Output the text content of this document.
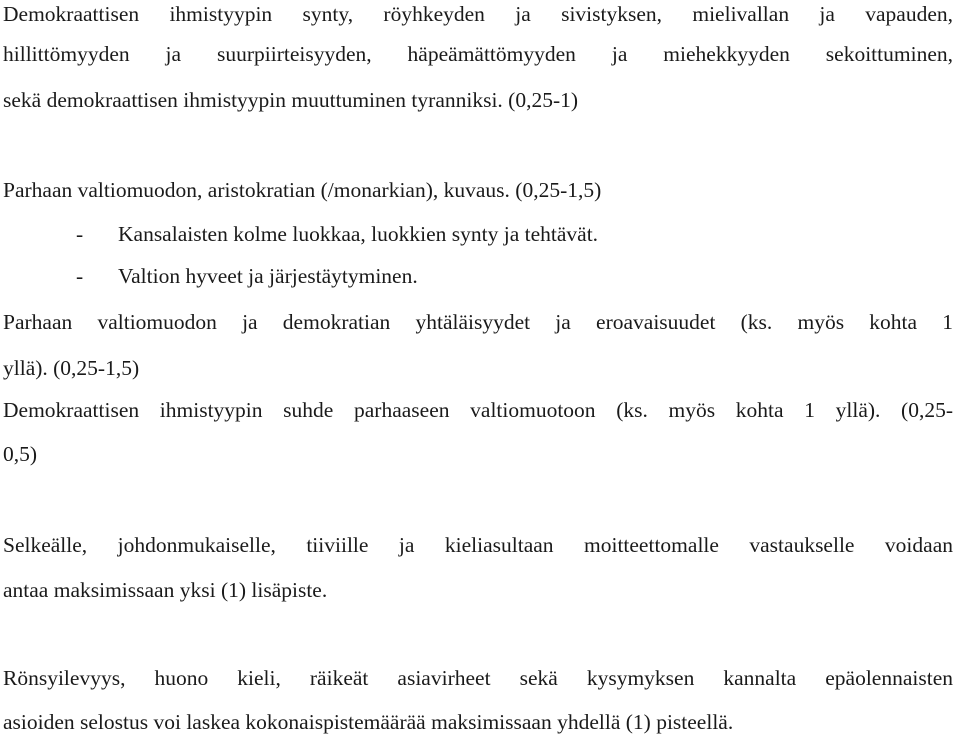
Demokraattisen ihmistyypin synty, röyhkeyden ja sivistyksen, mielivallan ja vapauden,
hillittömyyden ja suurpiirteisyyden, häpeämättömyyden ja miehekkyyden sekoittuminen,
sekä demokraattisen ihmistyypin muuttuminen tyranniksi. (0,25-1)
Parhaan valtiomuodon, aristokratian (/monarkian), kuvaus. (0,25-1,5)
-	Kansalaisten kolme luokkaa, luokkien synty ja tehtävät.
-	Valtion hyveet ja järjestäytyminen.
Parhaan valtiomuodon ja demokratian yhtäläisyydet ja eroavaisuudet (ks. myös kohta 1
yllä). (0,25-1,5)
Demokraattisen ihmistyypin suhde parhaaseen valtiomuotoon (ks. myös kohta 1 yllä). (0,25-
0,5)
Selkeälle, johdonmukaiselle, tiiviille ja kieliasultaan moitteettomalle vastaukselle voidaan
antaa maksimissaan yksi (1) lisäpiste.
Rönsyilevyys, huono kieli, räikeät asiavirheet sekä kysymyksen kannalta epäolennaisten
asioiden selostus voi laskea kokonaispistemäärää maksimissaan yhdellä (1) pisteellä.
